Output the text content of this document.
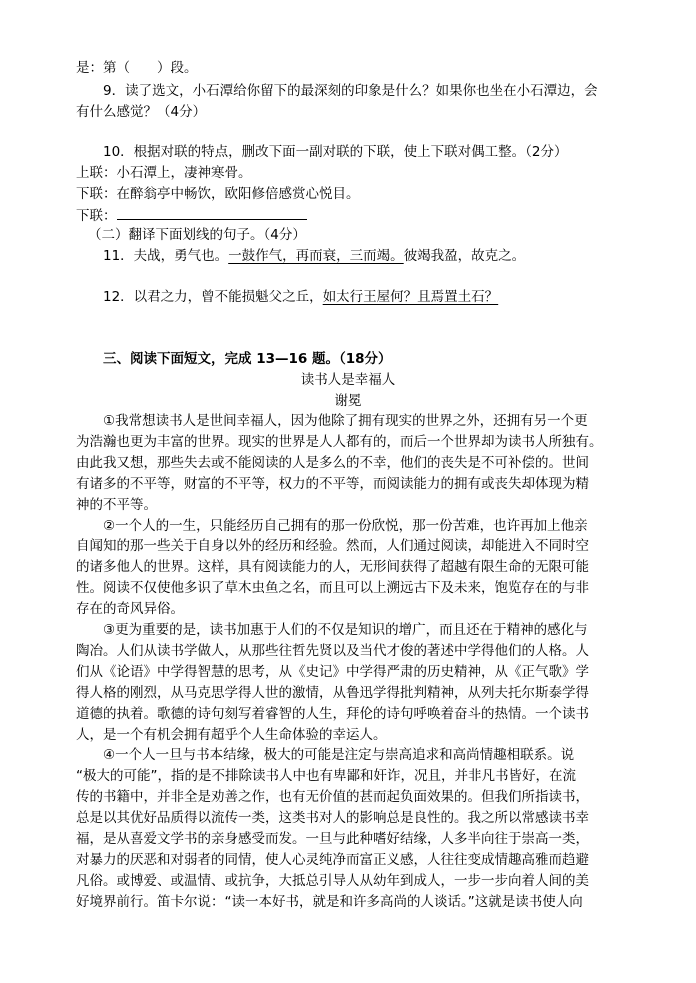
是：第（　　）段。
9．读了选文，小石潭给你留下的最深刻的印象是什么？如果你也坐在小石潭边，会
有什么感觉？（4分）
10．根据对联的特点，删改下面一副对联的下联，使上下联对偶工整。（2分）
上联：小石潭上，凄神寒骨。
下联：在醉翁亭中畅饮，欧阳修倍感赏心悦目。
下联：
（二）翻译下面划线的句子。（4分）
11．夫战，勇气也。一鼓作气，再而衰，三而竭。彼竭我盈，故克之。
12．以君之力，曾不能损魁父之丘，如太行王屋何？且焉置土石？
三、阅读下面短文，完成 13—16 题。（18分）
读书人是幸福人
谢冕
①我常想读书人是世间幸福人，因为他除了拥有现实的世界之外，还拥有另一个更
为浩瀚也更为丰富的世界。现实的世界是人人都有的，而后一个世界却为读书人所独有。
由此我又想，那些失去或不能阅读的人是多么的不幸，他们的丧失是不可补偿的。世间
有诸多的不平等，财富的不平等，权力的不平等，而阅读能力的拥有或丧失却体现为精
神的不平等。
②一个人的一生，只能经历自己拥有的那一份欣悦，那一份苦难，也许再加上他亲
自闻知的那一些关于自身以外的经历和经验。然而，人们通过阅读，却能进入不同时空
的诸多他人的世界。这样，具有阅读能力的人，无形间获得了超越有限生命的无限可能
性。阅读不仅使他多识了草木虫鱼之名，而且可以上溯远古下及未来，饱览存在的与非
存在的奇风异俗。
③更为重要的是，读书加惠于人们的不仅是知识的增广，而且还在于精神的感化与
陶冶。人们从读书学做人，从那些往哲先贤以及当代才俊的著述中学得他们的人格。人
们从《论语》中学得智慧的思考，从《史记》中学得严肃的历史精神，从《正气歌》学
得人格的刚烈，从马克思学得人世的激情，从鲁迅学得批判精神，从列夫托尔斯泰学得
道德的执着。歌德的诗句刻写着睿智的人生，拜伦的诗句呼唤着奋斗的热情。一个读书
人，是一个有机会拥有超乎个人生命体验的幸运人。
④一个人一旦与书本结缘，极大的可能是注定与崇高追求和高尚情趣相联系。说
“极大的可能”，指的是不排除读书人中也有卑鄙和奸诈，况且，并非凡书皆好，在流
传的书籍中，并非全是劝善之作，也有无价值的甚而起负面效果的。但我们所指读书，
总是以其优好品质得以流传一类，这类书对人的影响总是良性的。我之所以常感读书幸
福，是从喜爱文学书的亲身感受而发。一旦与此种嗜好结缘，人多半向往于崇高一类，
对暴力的厌恶和对弱者的同情，使人心灵纯净而富正义感，人往往变成情趣高雅而趋避
凡俗。或博爱、或温情、或抗争，大抵总引导人从幼年到成人，一步一步向着人间的美
好境界前行。笛卡尔说：“读一本好书，就是和许多高尚的人谈话。”这就是读书使人向
